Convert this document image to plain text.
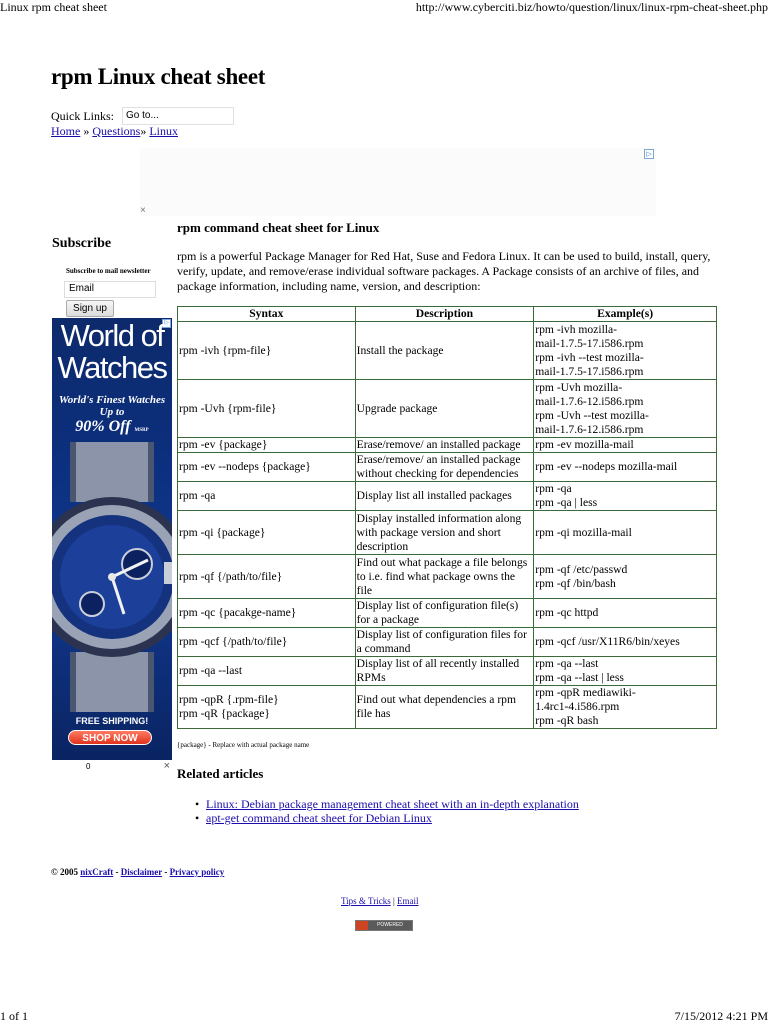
Linux rpm cheat sheet	http://www.cyberciti.biz/howto/question/linux/linux-rpm-cheat-sheet.php
1 of 1	7/15/2012 4:21 PM
rpm Linux cheat sheet
Quick Links:	Go to...
Home » Questions» Linux
▷
×
Subscribe
Subscribe to mail newsletter
Email
Sign up
▷
World of
Watches
World's Finest Watches
Up to
90% Off MSRP
FREE SHIPPING!
SHOP NOW
0	×
rpm command cheat sheet for Linux

rpm is a powerful Package Manager for Red Hat, Suse and Fedora Linux. It can be used to build, install, query, verify, update, and remove/erase individual software packages. A Package consists of an archive of files, and package information, including name, version, and description:

Syntax	Description	Example(s)

rpm -ivh {rpm-file}	Install the package	rpm -ivh mozilla-
mail-1.7.5-17.i586.rpm
rpm -ivh --test mozilla-
mail-1.7.5-17.i586.rpm

rpm -Uvh {rpm-file}	Upgrade package	rpm -Uvh mozilla-
mail-1.7.6-12.i586.rpm
rpm -Uvh --test mozilla-
mail-1.7.6-12.i586.rpm

rpm -ev {package}	Erase/remove/ an installed package	rpm -ev mozilla-mail

rpm -ev --nodeps {package}	Erase/remove/ an installed package
without checking for dependencies	rpm -ev --nodeps mozilla-mail

rpm -qa	Display list all installed packages	rpm -qa
rpm -qa | less

rpm -qi {package}	Display installed information along
with package version and short
description	rpm -qi mozilla-mail

rpm -qf {/path/to/file}	Find out what package a file belongs
to i.e. find what package owns the
file	rpm -qf /etc/passwd
rpm -qf /bin/bash

rpm -qc {pacakge-name}	Display list of configuration file(s)
for a package	rpm -qc httpd

rpm -qcf {/path/to/file}	Display list of configuration files for
a command	rpm -qcf /usr/X11R6/bin/xeyes

rpm -qa --last	Display list of all recently installed
RPMs	rpm -qa --last
rpm -qa --last | less

rpm -qpR {.rpm-file}
rpm -qR {package}	Find out what dependencies a rpm
file has	rpm -qpR mediawiki-
1.4rc1-4.i586.rpm
rpm -qR bash
{package} - Replace with actual package name
Related articles
• Linux: Debian package management cheat sheet with an in-depth explanation
• apt-get command cheat sheet for Debian Linux
© 2005 nixCraft - Disclaimer - Privacy policy
Tips & Tricks | Email
POWERED
